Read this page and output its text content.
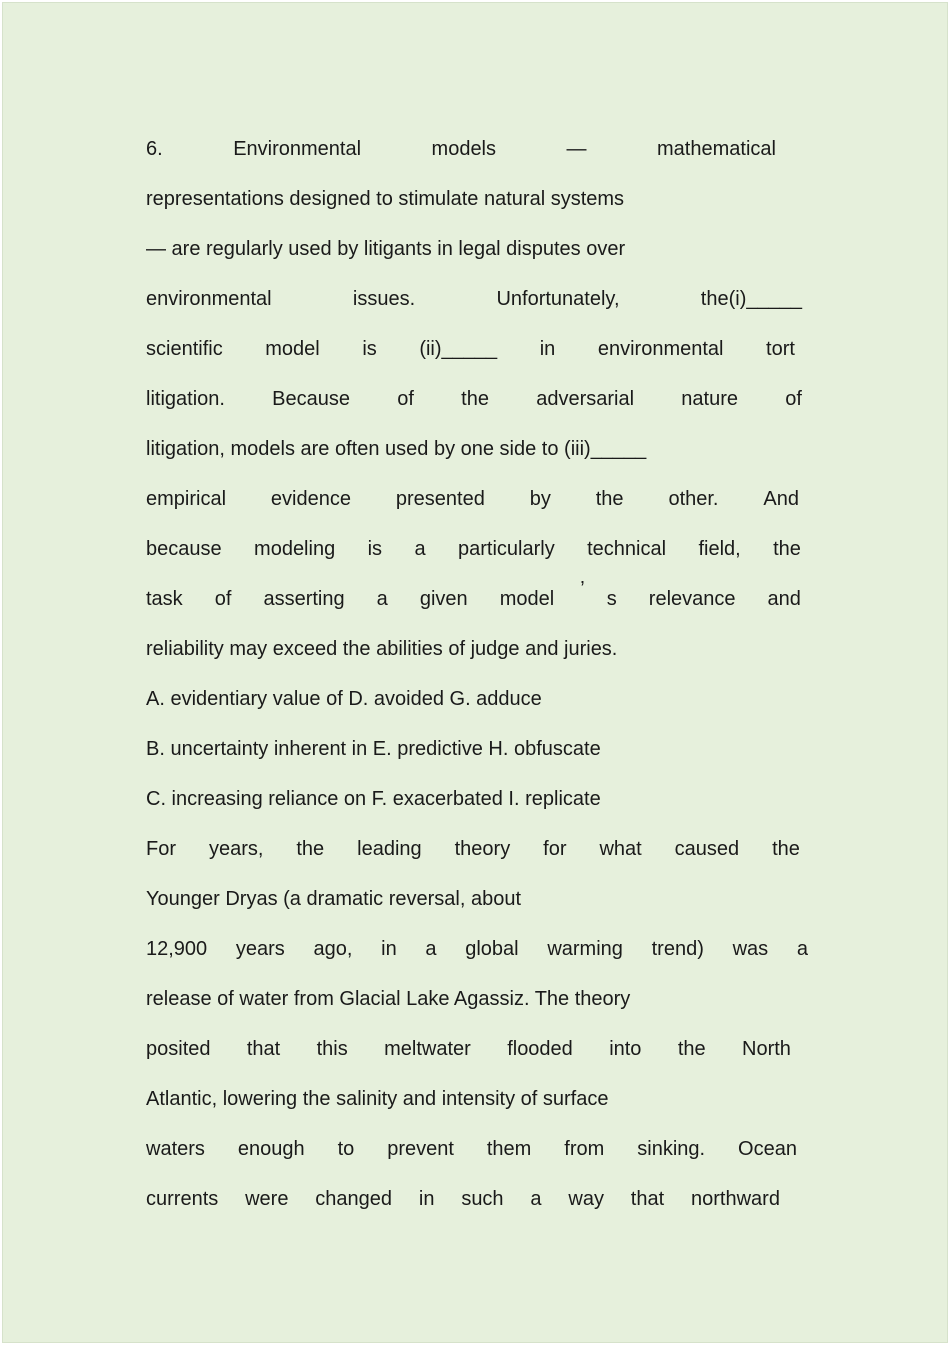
6.	Environmental	models	—	mathematical
representations designed to stimulate natural systems
— are regularly used by litigants in legal disputes over
environmental	issues.	Unfortunately,	the(i)_____
scientific model is (ii)_____ in environmental tort
litigation. Because of the adversarial nature of
litigation, models are often used by one side to (iii)_____
empirical evidence presented by the other. And
because modeling is a particularly technical field, the
task of asserting a given model ’ s relevance and
reliability may exceed the abilities of judge and juries.
A. evidentiary value of D. avoided G. adduce
B. uncertainty inherent in E. predictive H. obfuscate
C. increasing reliance on F. exacerbated I. replicate
For years, the leading theory for what caused the
Younger Dryas (a dramatic reversal, about
12,900 years ago, in a global warming trend) was a
release of water from Glacial Lake Agassiz. The theory
posited that this meltwater flooded into the North
Atlantic, lowering the salinity and intensity of surface
waters enough to prevent them from sinking. Ocean
currents were changed in such a way that northward
